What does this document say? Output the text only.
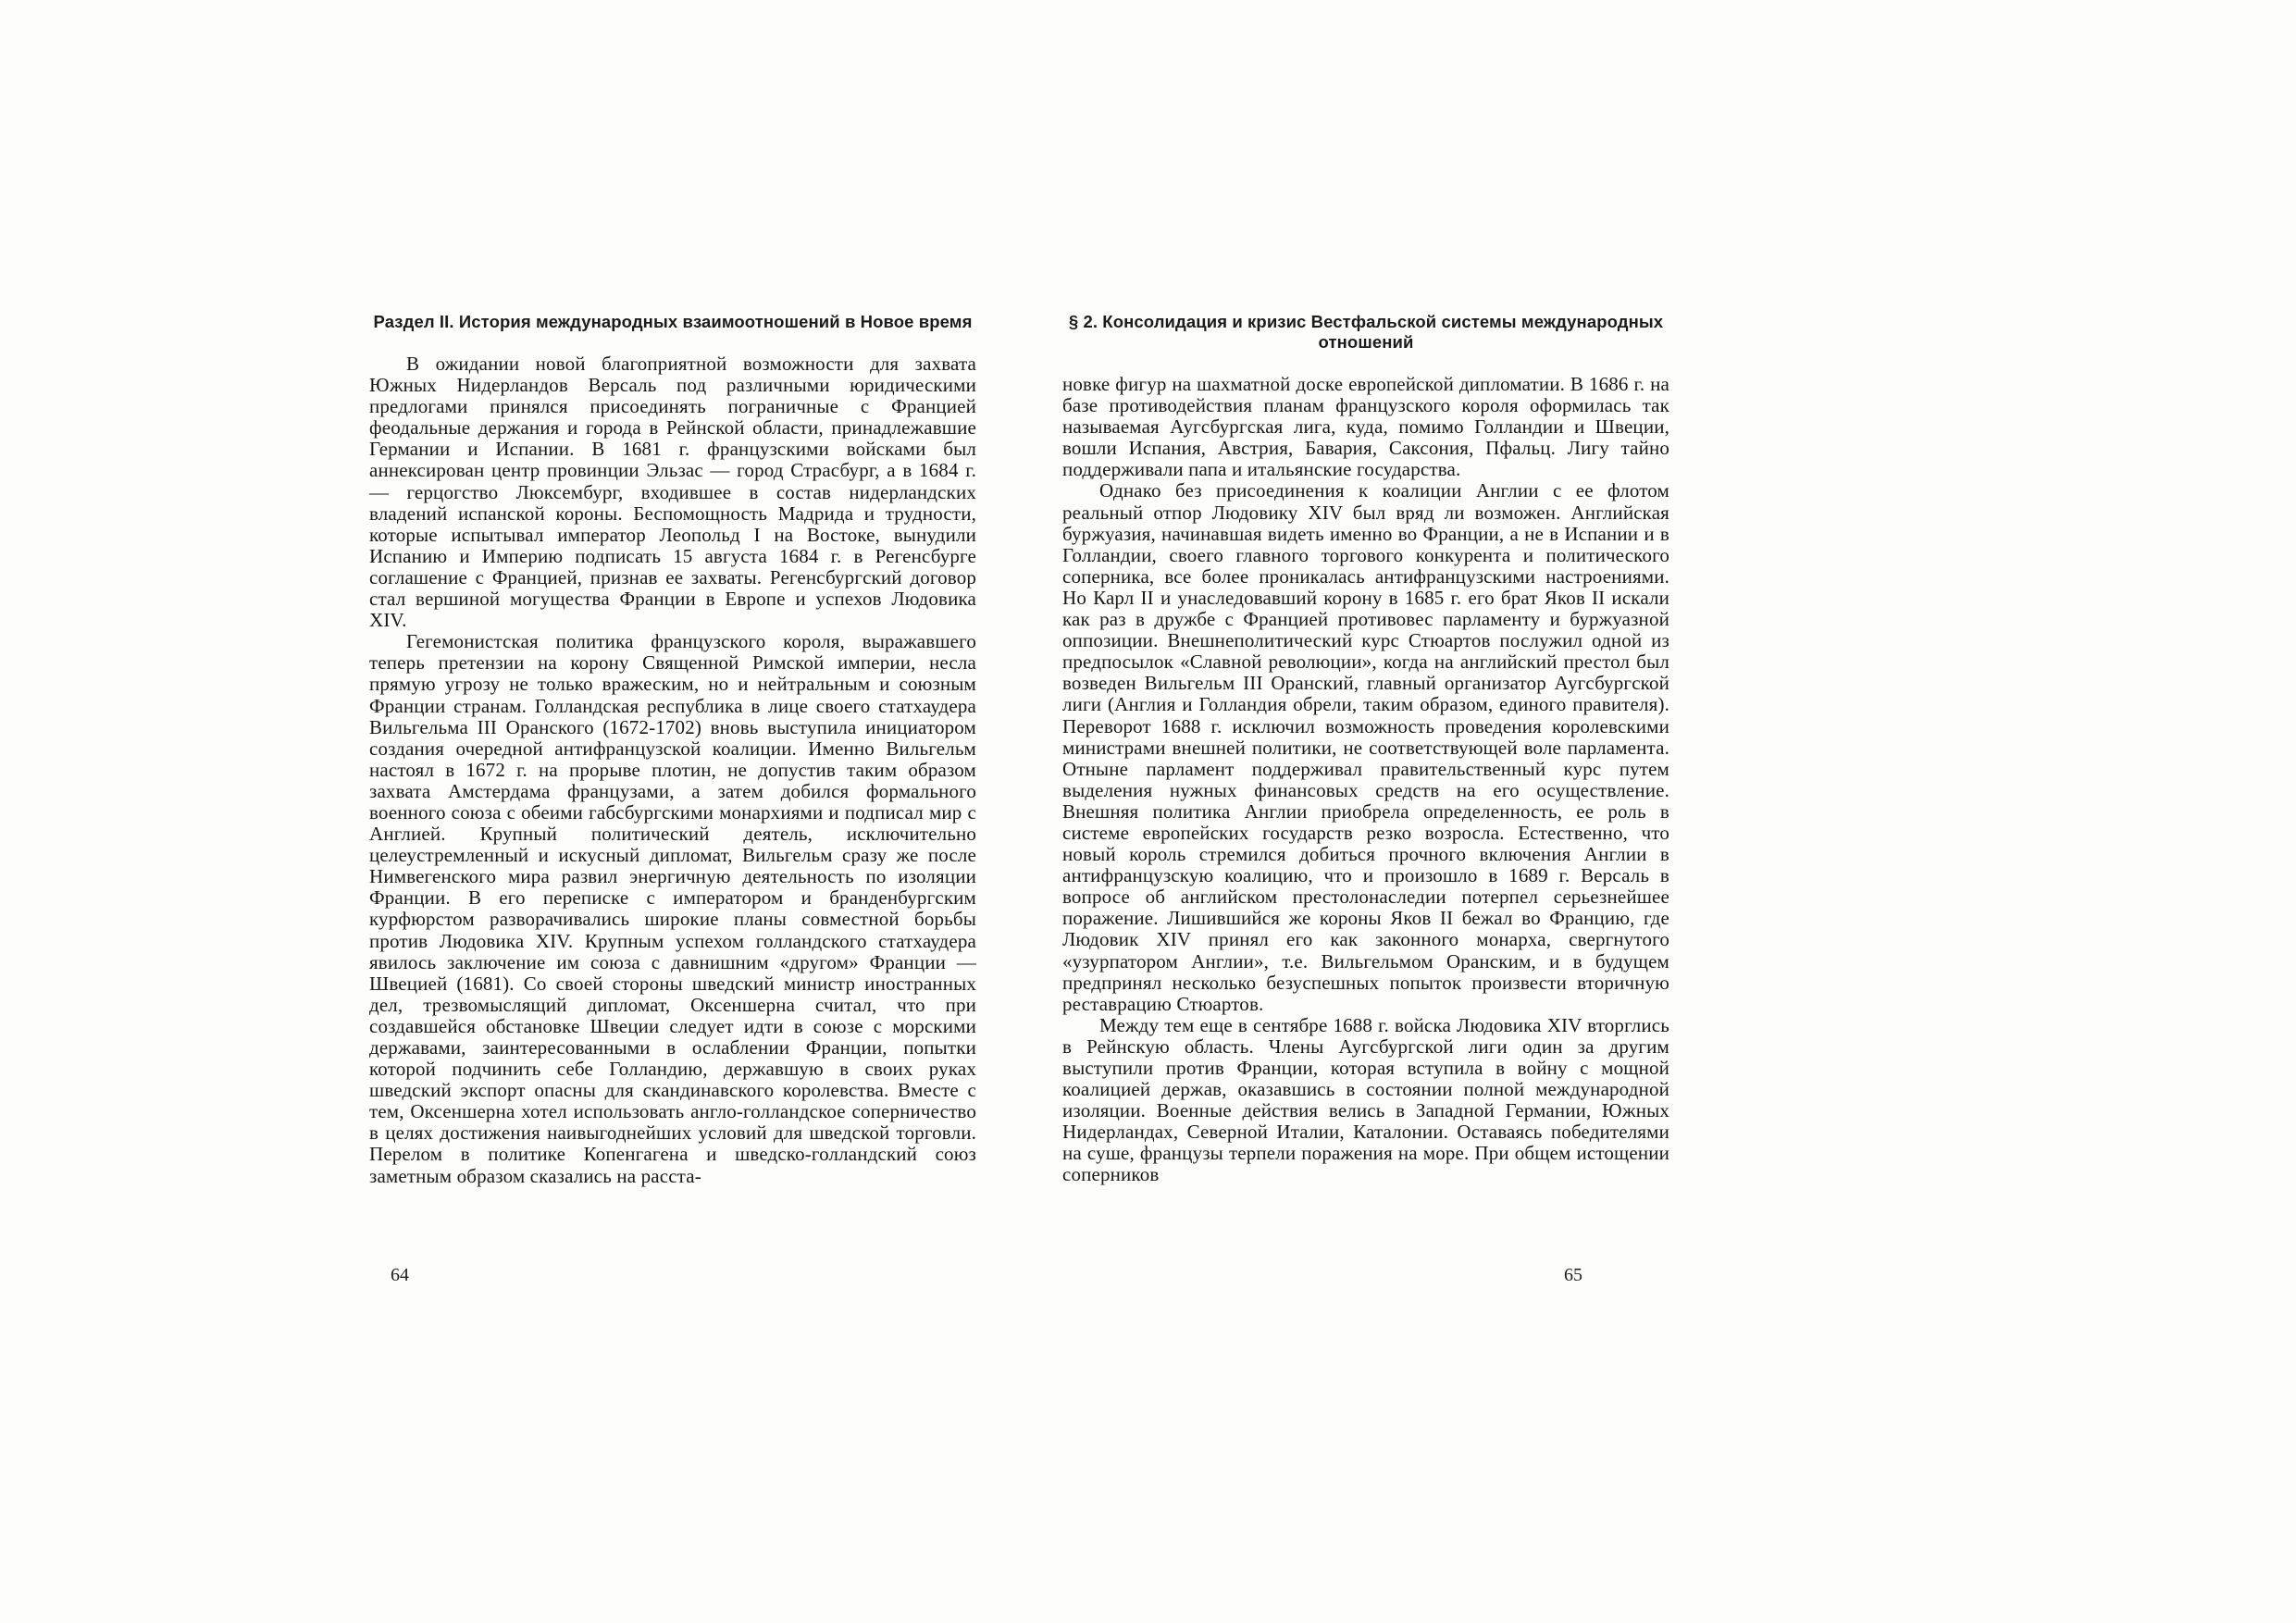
Раздел II. История международных взаимоотношений в Новое время

В ожидании новой благоприятной возможности для захвата Южных Нидерландов Версаль под различными юридическими предлогами принялся присоединять пограничные с Францией феодальные держания и города в Рейнской области, принадлежавшие Германии и Испании. В 1681 г. французскими войсками был аннексирован центр провинции Эльзас — город Страсбург, а в 1684 г. — герцогство Люксембург, входившее в состав нидерландских владений испанской короны. Беспомощность Мадрида и трудности, которые испытывал император Леопольд I на Востоке, вынудили Испанию и Империю подписать 15 августа 1684 г. в Регенсбурге соглашение с Францией, признав ее захваты. Регенсбургский договор стал вершиной могущества Франции в Европе и успехов Людовика XIV.

Гегемонистская политика французского короля, выражавшего теперь претензии на корону Священной Римской империи, несла прямую угрозу не только вражеским, но и нейтральным и союзным Франции странам. Голландская республика в лице своего статхаудера Вильгельма III Оранского (1672-1702) вновь выступила инициатором создания очередной антифранцузской коалиции. Именно Вильгельм настоял в 1672 г. на прорыве плотин, не допустив таким образом захвата Амстердама французами, а затем добился формального военного союза с обеими габсбургскими монархиями и подписал мир с Англией. Крупный политический деятель, исключительно целеустремленный и искусный дипломат, Вильгельм сразу же после Нимвегенского мира развил энергичную деятельность по изоляции Франции. В его переписке с императором и бранденбургским курфюрстом разворачивались широкие планы совместной борьбы против Людовика XIV. Крупным успехом голландского статхаудера явилось заключение им союза с давнишним «другом» Франции — Швецией (1681). Со своей стороны шведский министр иностранных дел, трезвомыслящий дипломат, Оксеншерна считал, что при создавшейся обстановке Швеции следует идти в союзе с морскими державами, заинтересованными в ослаблении Франции, попытки которой подчинить себе Голландию, державшую в своих руках шведский экспорт опасны для скандинавского королевства. Вместе с тем, Оксеншерна хотел использовать англо-голландское соперничество в целях достижения наивыгоднейших условий для шведской торговли. Перелом в политике Копенгагена и шведско-голландский союз заметным образом сказались на расста-

64
§ 2. Консолидация и кризис Вестфальской системы международных отношений

новке фигур на шахматной доске европейской дипломатии. В 1686 г. на базе противодействия планам французского короля оформилась так называемая Аугсбургская лига, куда, помимо Голландии и Швеции, вошли Испания, Австрия, Бавария, Саксония, Пфальц. Лигу тайно поддерживали папа и итальянские государства.

Однако без присоединения к коалиции Англии с ее флотом реальный отпор Людовику XIV был вряд ли возможен. Английская буржуазия, начинавшая видеть именно во Франции, а не в Испании и в Голландии, своего главного торгового конкурента и политического соперника, все более проникалась антифранцузскими настроениями. Но Карл II и унаследовавший корону в 1685 г. его брат Яков II искали как раз в дружбе с Францией противовес парламенту и буржуазной оппозиции. Внешнеполитический курс Стюартов послужил одной из предпосылок «Славной революции», когда на английский престол был возведен Вильгельм III Оранский, главный организатор Аугсбургской лиги (Англия и Голландия обрели, таким образом, единого правителя). Переворот 1688 г. исключил возможность проведения королевскими министрами внешней политики, не соответствующей воле парламента. Отныне парламент поддерживал правительственный курс путем выделения нужных финансовых средств на его осуществление. Внешняя политика Англии приобрела определенность, ее роль в системе европейских государств резко возросла. Естественно, что новый король стремился добиться прочного включения Англии в антифранцузскую коалицию, что и произошло в 1689 г. Версаль в вопросе об английском престолонаследии потерпел серьезнейшее поражение. Лишившийся же короны Яков II бежал во Францию, где Людовик XIV принял его как законного монарха, свергнутого «узурпатором Англии», т.е. Вильгельмом Оранским, и в будущем предпринял несколько безуспешных попыток произвести вторичную реставрацию Стюартов.

Между тем еще в сентябре 1688 г. войска Людовика XIV вторглись в Рейнскую область. Члены Аугсбургской лиги один за другим выступили против Франции, которая вступила в войну с мощной коалицией держав, оказавшись в состоянии полной международной изоляции. Военные действия велись в Западной Германии, Южных Нидерландах, Северной Италии, Каталонии. Оставаясь победителями на суше, французы терпели поражения на море. При общем истощении соперников

65
